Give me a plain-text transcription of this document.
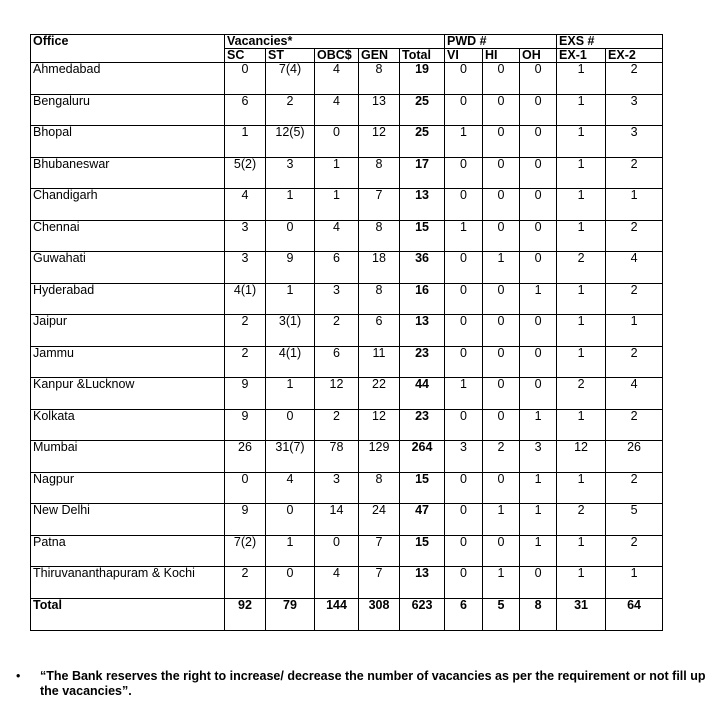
Office	Vacancies*					PWD #			EXS #	
	SC	ST	OBC$	GEN	Total	VI	HI	OH	EX-1	EX-2
Ahmedabad	0	7(4)	4	8	19	0	0	0	1	2
Bengaluru	6	2	4	13	25	0	0	0	1	3
Bhopal	1	12(5)	0	12	25	1	0	0	1	3
Bhubaneswar	5(2)	3	1	8	17	0	0	0	1	2
Chandigarh	4	1	1	7	13	0	0	0	1	1
Chennai	3	0	4	8	15	1	0	0	1	2
Guwahati	3	9	6	18	36	0	1	0	2	4
Hyderabad	4(1)	1	3	8	16	0	0	1	1	2
Jaipur	2	3(1)	2	6	13	0	0	0	1	1
Jammu	2	4(1)	6	11	23	0	0	0	1	2
Kanpur &Lucknow	9	1	12	22	44	1	0	0	2	4
Kolkata	9	0	2	12	23	0	0	1	1	2
Mumbai	26	31(7)	78	129	264	3	2	3	12	26
Nagpur	0	4	3	8	15	0	0	1	1	2
New Delhi	9	0	14	24	47	0	1	1	2	5
Patna	7(2)	1	0	7	15	0	0	1	1	2
Thiruvananthapuram & Kochi	2	0	4	7	13	0	1	0	1	1
Total	92	79	144	308	623	6	5	8	31	64
• “The Bank reserves the right to increase/ decrease the number of vacancies as per the requirement or not fill up the vacancies”.
